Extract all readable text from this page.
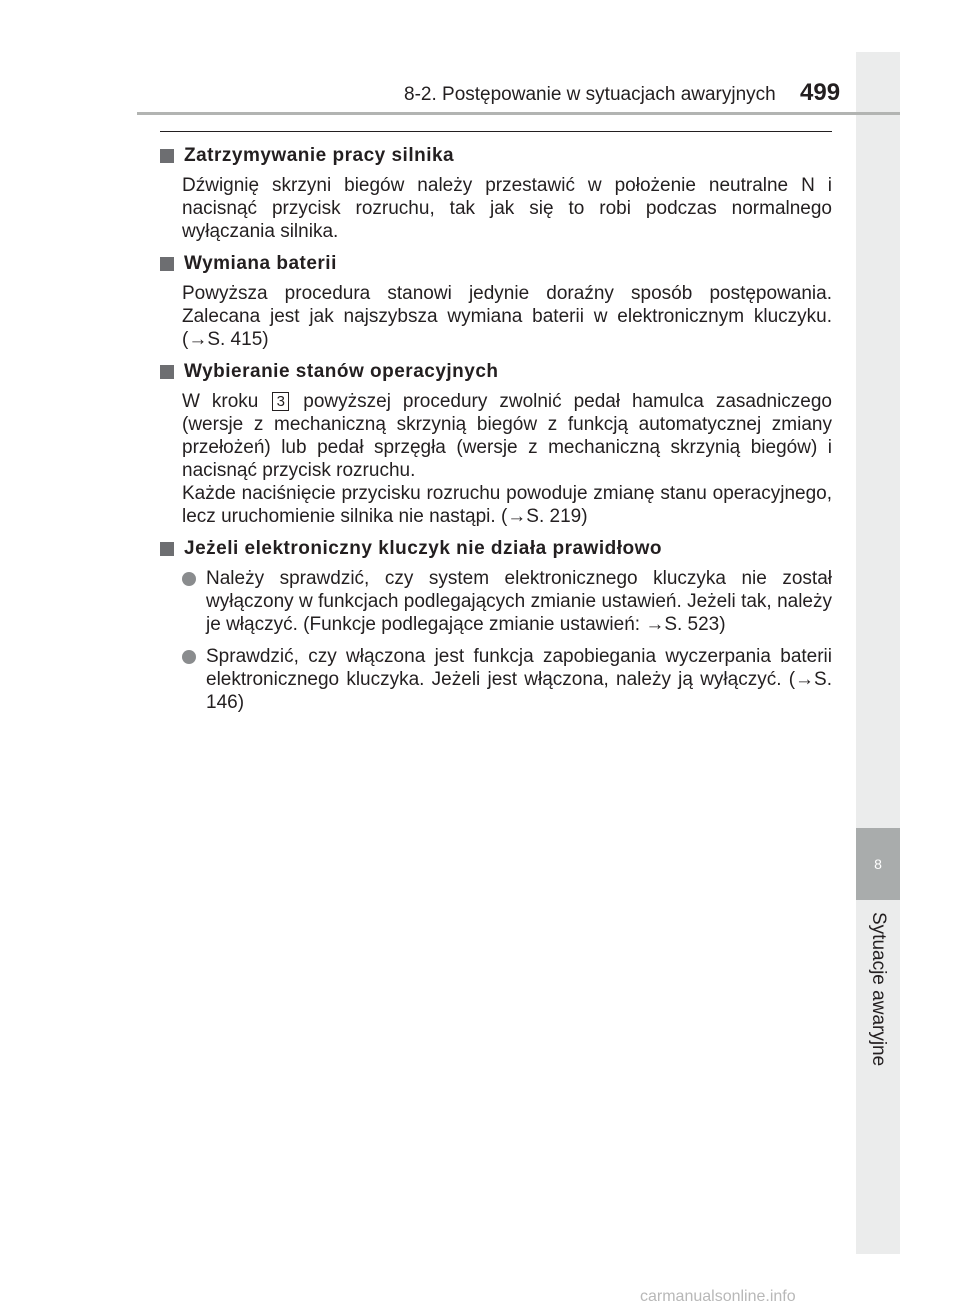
8
Sytuacje awaryjne
8-2. Postępowanie w sytuacjach awaryjnych	499
Zatrzymywanie pracy silnika

Dźwignię skrzyni biegów należy przestawić w położenie neutralne N i nacisnąć przycisk rozruchu, tak jak się to robi podczas normalnego wyłączania silnika.

Wymiana baterii

Powyższa procedura stanowi jedynie doraźny sposób postępowania. Zalecana jest jak najszybsza wymiana baterii w elektronicznym kluczyku. (→S. 415)

Wybieranie stanów operacyjnych

W kroku 3 powyższej procedury zwolnić pedał hamulca zasadniczego (wersje z mechaniczną skrzynią biegów z funkcją automatycznej zmiany przełożeń) lub pedał sprzęgła (wersje z mechaniczną skrzynią biegów) i nacisnąć przycisk rozruchu.

Każde naciśnięcie przycisku rozruchu powoduje zmianę stanu operacyjnego, lecz uruchomienie silnika nie nastąpi. (→S. 219)

Jeżeli elektroniczny kluczyk nie działa prawidłowo
Należy sprawdzić, czy system elektronicznego kluczyka nie został wyłączony w funkcjach podlegających zmianie ustawień. Jeżeli tak, należy je włączyć. (Funkcje podlegające zmianie ustawień: →S. 523)
Sprawdzić, czy włączona jest funkcja zapobiegania wyczerpania baterii elektronicznego kluczyka. Jeżeli jest włączona, należy ją wyłączyć. (→S. 146)
carmanualsonline.info
